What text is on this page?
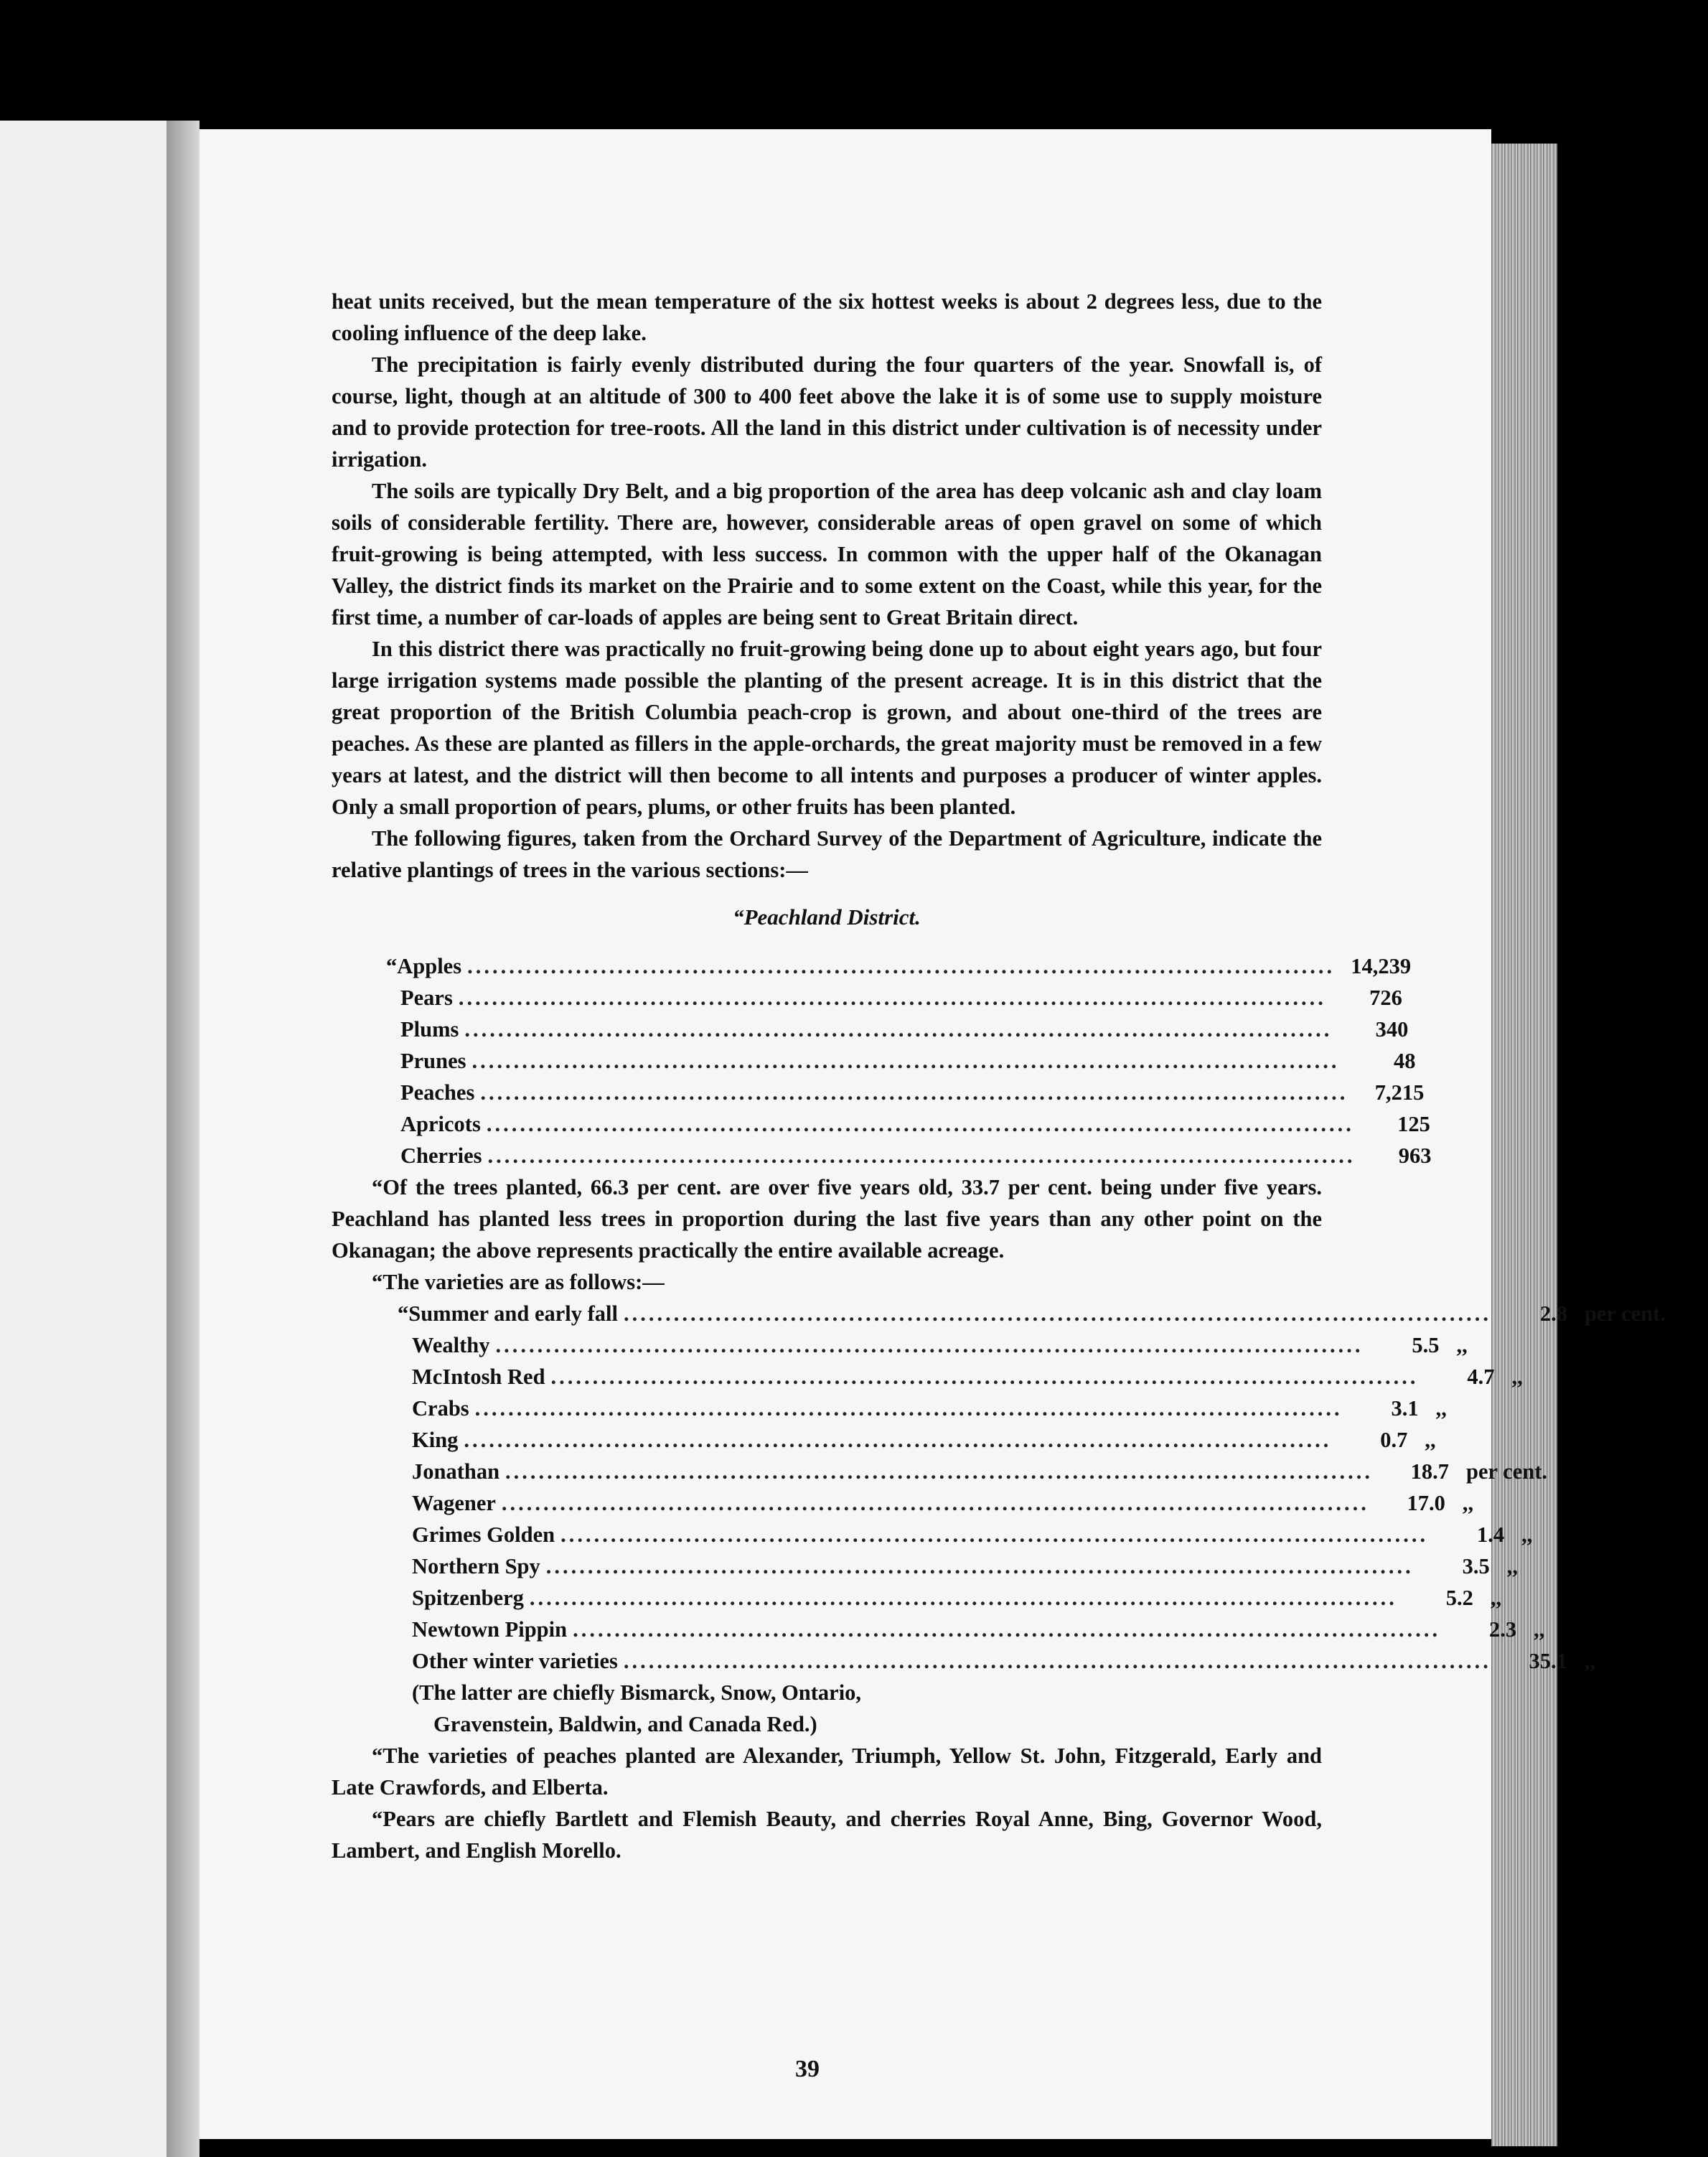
heat units received, but the mean temperature of the six hottest weeks is about 2 degrees less, due to the cooling influence of the deep lake.

The precipitation is fairly evenly distributed during the four quarters of the year. Snowfall is, of course, light, though at an altitude of 300 to 400 feet above the lake it is of some use to supply moisture and to provide protection for tree-roots. All the land in this district under cultivation is of necessity under irrigation.

The soils are typically Dry Belt, and a big proportion of the area has deep volcanic ash and clay loam soils of considerable fertility. There are, however, considerable areas of open gravel on some of which fruit-growing is being attempted, with less success. In common with the upper half of the Okanagan Valley, the district finds its market on the Prairie and to some extent on the Coast, while this year, for the first time, a number of car-loads of apples are being sent to Great Britain direct.

In this district there was practically no fruit-growing being done up to about eight years ago, but four large irrigation systems made possible the planting of the present acreage. It is in this district that the great proportion of the British Columbia peach-crop is grown, and about one-third of the trees are peaches. As these are planted as fillers in the apple-orchards, the great majority must be removed in a few years at latest, and the district will then become to all intents and purposes a producer of winter apples. Only a small proportion of pears, plums, or other fruits has been planted.

The following figures, taken from the Orchard Survey of the Department of Agriculture, indicate the relative plantings of trees in the various sections:—

“Peachland District.
“Apples ........................................................................................................ 14,239
Pears ........................................................................................................	726
Plums ........................................................................................................	340
Prunes ........................................................................................................	48
Peaches ........................................................................................................	7,215
Apricots ........................................................................................................	125
Cherries ........................................................................................................	963

“Of the trees planted, 66.3 per cent. are over five years old, 33.7 per cent. being under five years. Peachland has planted less trees in proportion during the last five years than any other point on the Okanagan; the above represents practically the entire available acreage.

“The varieties are as follows:—

“Summer and early fall ........................................................................................................	2.8 per cent.
Wealthy ........................................................................................................	5.5 ,,
McIntosh Red ........................................................................................................	4.7 ,,
Crabs ........................................................................................................	3.1 ,,
King ........................................................................................................	0.7 ,,
Jonathan ........................................................................................................	18.7 per cent.
Wagener ........................................................................................................	17.0 ,,
Grimes Golden ........................................................................................................	1.4 ,,
Northern Spy ........................................................................................................	3.5 ,,
Spitzenberg ........................................................................................................	5.2 ,,
Newtown Pippin ........................................................................................................	2.3 ,,
Other winter varieties ........................................................................................................	35.1 ,,
(The latter are chiefly Bismarck, Snow, Ontario,
Gravenstein, Baldwin, and Canada Red.)

“The varieties of peaches planted are Alexander, Triumph, Yellow St. John, Fitzgerald, Early and Late Crawfords, and Elberta.

“Pears are chiefly Bartlett and Flemish Beauty, and cherries Royal Anne, Bing, Governor Wood, Lambert, and English Morello.

39
